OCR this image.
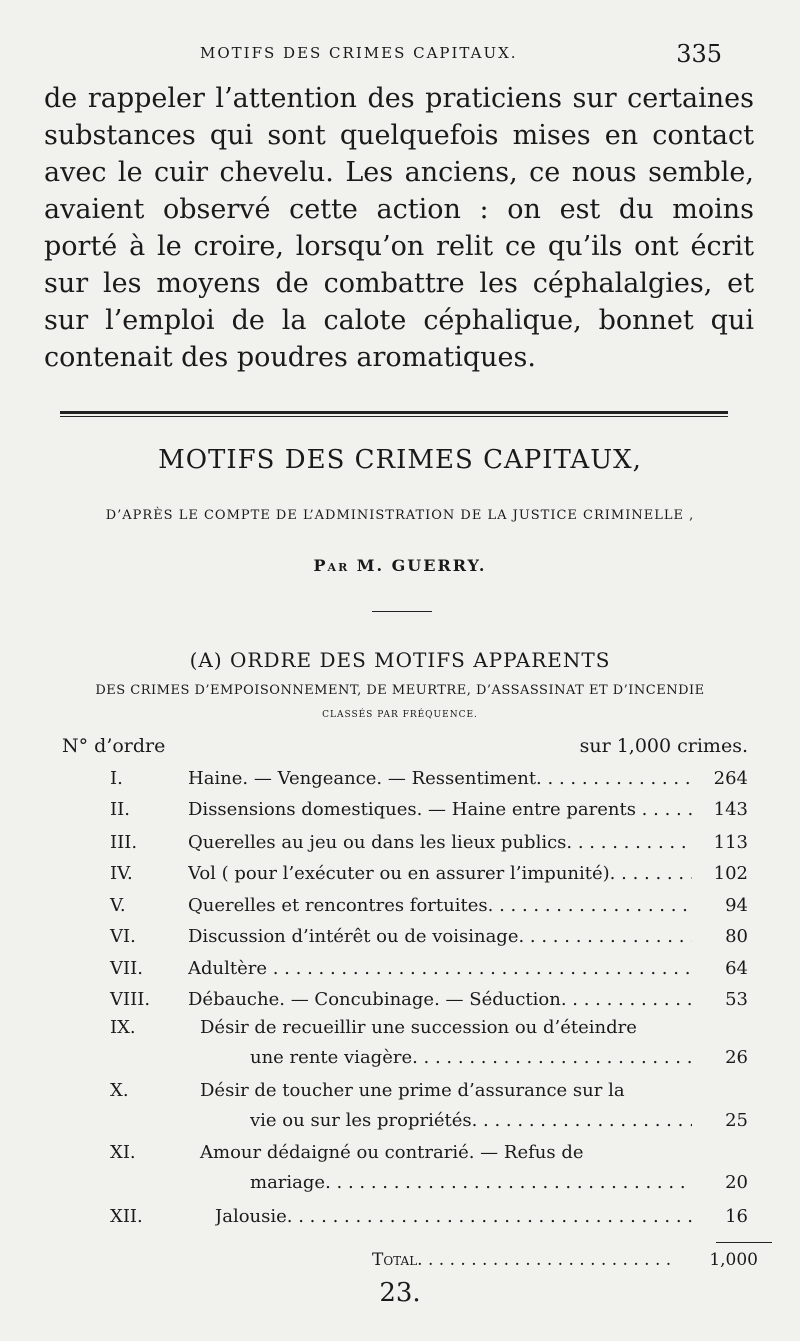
MOTIFS DES CRIMES CAPITAUX.	335

de rappeler l’attention des praticiens sur certaines substances qui sont quelquefois mises en contact avec le cuir chevelu. Les anciens, ce nous semble, avaient observé cette action : on est du moins porté à le croire, lorsqu’on relit ce qu’ils ont écrit sur les moyens de combattre les céphalalgies, et sur l’emploi de la calote céphalique, bonnet qui contenait des poudres aromatiques.

MOTIFS DES CRIMES CAPITAUX,
D’APRÈS LE COMPTE DE L’ADMINISTRATION DE LA JUSTICE CRIMINELLE ,
Par M. GUERRY.
(A) ORDRE DES MOTIFS APPARENTS
DES CRIMES D’EMPOISONNEMENT, DE MEURTRE, D’ASSASSINAT ET D’INCENDIE
CLASSÉS PAR FRÉQUENCE.
N° d’ordre	sur 1,000 crimes.
I.	Haine. — Vengeance. — Ressentiment. . . .	264
II.	Dissensions domestiques. — Haine entre parents . . . .	143
III.	Querelles au jeu ou dans les lieux publics. . . .	113
IV.	Vol ( pour l’exécuter ou en assurer l’impunité). . . .	102
V.	Querelles et rencontres fortuites. . . .	94
VI.	Discussion d’intérêt ou de voisinage. . . .	80
VII.	Adultère . . .	64
VIII.	Débauche. — Concubinage. — Séduction. . . .	53
IX.	Désir de recueillir une succession ou d’éteindre
une rente viagère. . . .	26
X.	Désir de toucher une prime d’assurance sur la
vie ou sur les propriétés. . . .	25
XI.	Amour dédaigné ou contrarié. — Refus de
mariage. . . .	20
XII.	Jalousie. . . .	16
Total. . . .	1,000
23.
